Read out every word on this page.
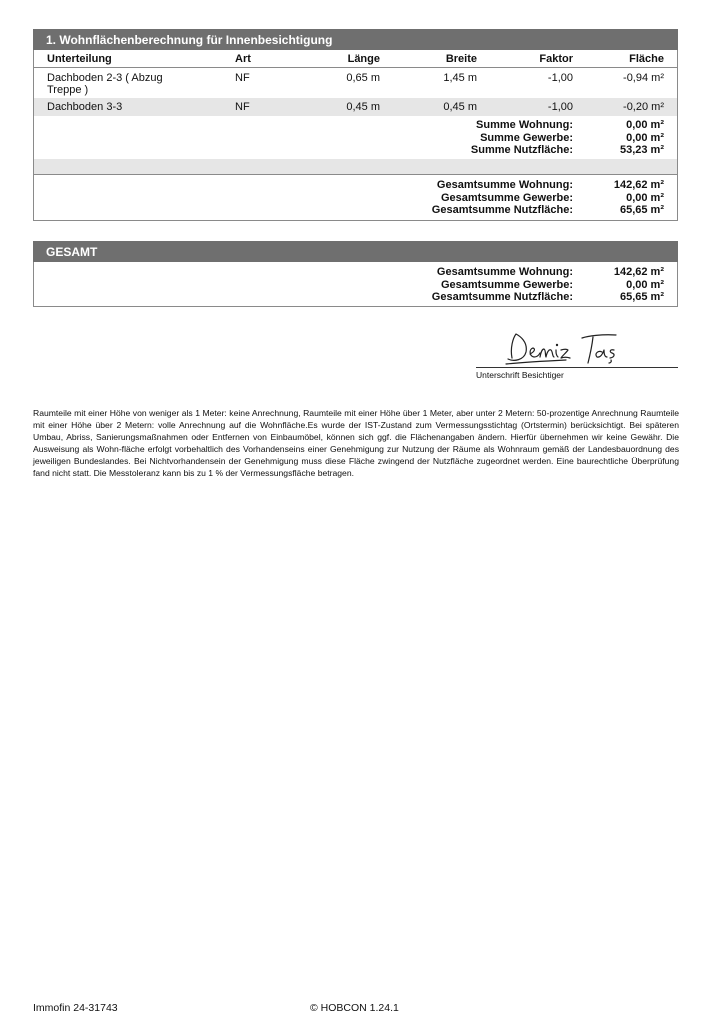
1. Wohnflächenberechnung für Innenbesichtigung
Unterteilung	Art	Länge	Breite	Faktor	Fläche
Dachboden 2-3 ( Abzug
Treppe )
NF	0,65 m	1,45 m	-1,00	-0,94 m²
Dachboden 3-3	NF	0,45 m	0,45 m	-1,00	-0,20 m²
Summe Wohnung:	0,00 m²
Summe Gewerbe:	0,00 m²
Summe Nutzfläche:	53,23 m²
Gesamtsumme Wohnung:	142,62 m²
Gesamtsumme Gewerbe:	0,00 m²
Gesamtsumme Nutzfläche:	65,65 m²
GESAMT
Gesamtsumme Wohnung:	142,62 m²
Gesamtsumme Gewerbe:	0,00 m²
Gesamtsumme Nutzfläche:	65,65 m²
Unterschrift Besichtiger
Raumteile mit einer Höhe von weniger als 1 Meter: keine Anrechnung, Raumteile mit einer Höhe über 1 Meter, aber unter 2 Metern: 50-prozentige Anrechnung Raumteile mit einer Höhe über 2 Metern: volle Anrechnung auf die Wohnfläche.Es wurde der IST-Zustand zum Vermessungsstichtag (Ortstermin) berücksichtigt. Bei späteren Umbau, Abriss, Sanierungsmaßnahmen oder Entfernen von Einbaumöbel, können sich ggf. die Flächenangaben ändern. Hierfür übernehmen wir keine Gewähr. Die Ausweisung als Wohn-fläche erfolgt vorbehaltlich des Vorhandenseins einer Genehmigung zur Nutzung der Räume als Wohnraum gemäß der Landesbauordnung des jeweiligen Bundeslandes. Bei Nichtvorhandensein der Genehmigung muss diese Fläche zwingend der Nutzfläche zugeordnet werden. Eine baurechtliche Überprüfung fand nicht statt. Die Messtoleranz kann bis zu 1 % der Vermessungsfläche betragen.
Immofin 24-31743	© HOBCON 1.24.1
